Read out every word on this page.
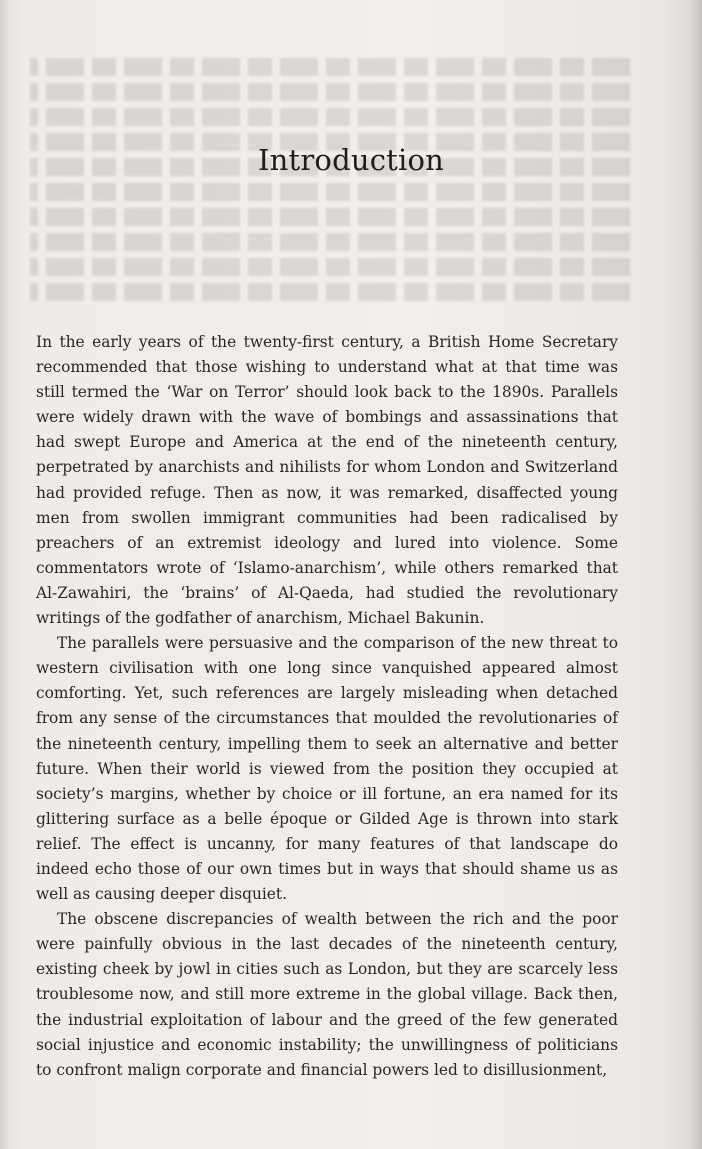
Introduction

In the early years of the twenty-first century, a British Home Secretary recommended that those wishing to understand what at that time was still termed the ‘War on Terror’ should look back to the 1890s. Parallels were widely drawn with the wave of bombings and assassinations that had swept Europe and America at the end of the nineteenth century, perpetrated by anarchists and nihilists for whom London and Switzerland had provided refuge. Then as now, it was remarked, disaffected young men from swollen immigrant communities had been radicalised by preachers of an extremist ideology and lured into violence. Some commentators wrote of ‘Islamo-anarchism’, while others remarked that Al-Zawahiri, the ‘brains’ of Al-Qaeda, had studied the revolutionary writings of the godfather of anarchism, Michael Bakunin.

The parallels were persuasive and the comparison of the new threat to western civilisation with one long since vanquished appeared almost comforting. Yet, such references are largely misleading when detached from any sense of the circumstances that moulded the revolutionaries of the nineteenth century, impelling them to seek an alternative and better future. When their world is viewed from the position they occupied at society’s margins, whether by choice or ill fortune, an era named for its glittering surface as a belle époque or Gilded Age is thrown into stark relief. The effect is uncanny, for many features of that landscape do indeed echo those of our own times but in ways that should shame us as well as causing deeper disquiet.

The obscene discrepancies of wealth between the rich and the poor were painfully obvious in the last decades of the nineteenth century, existing cheek by jowl in cities such as London, but they are scarcely less troublesome now, and still more extreme in the global village. Back then, the industrial exploitation of labour and the greed of the few generated social injustice and economic instability; the unwillingness of politicians to confront malign corporate and financial powers led to disillusionment,
